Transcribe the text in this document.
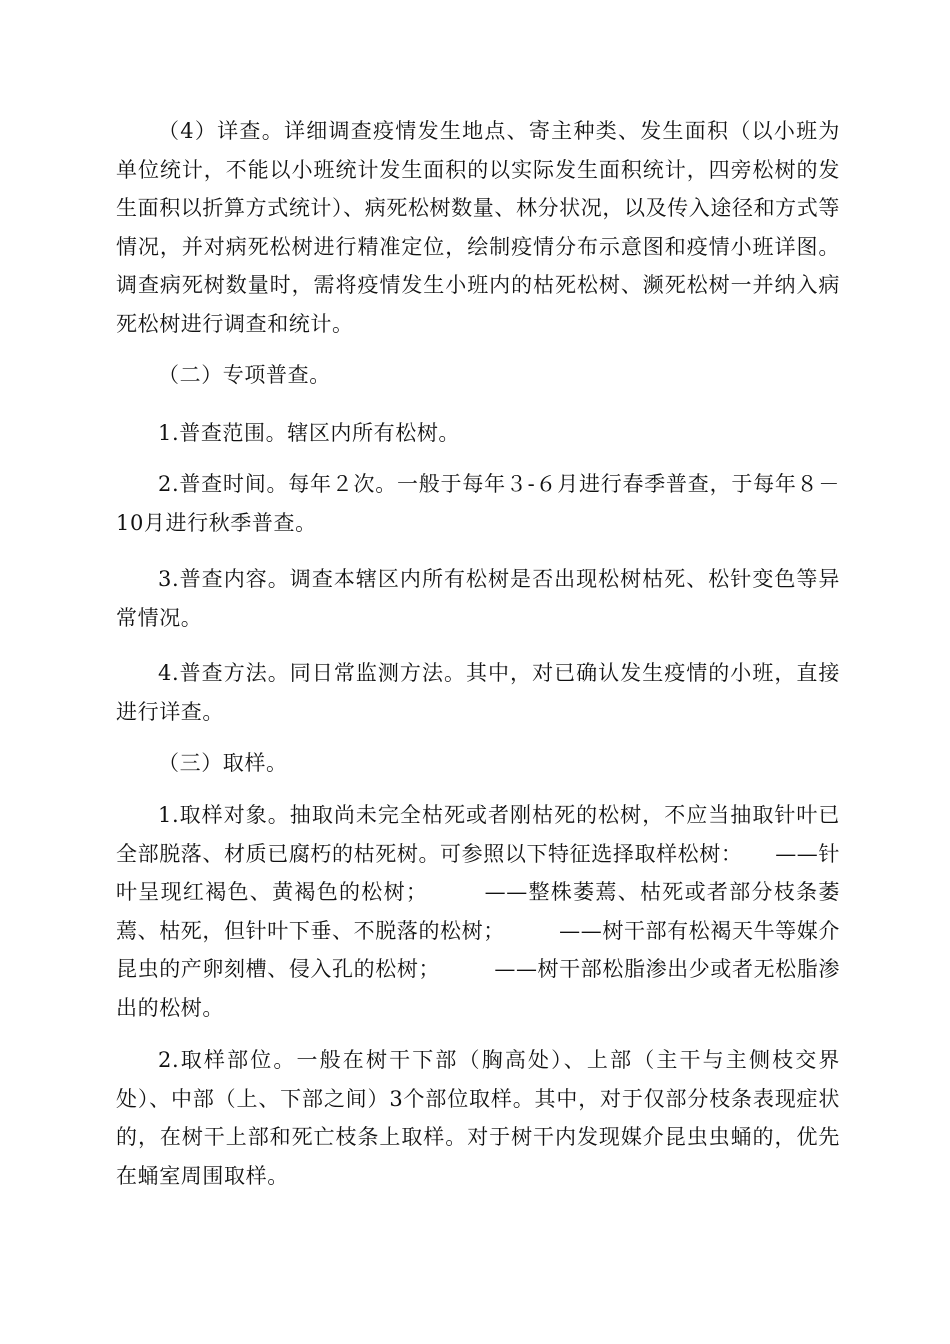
（4）详查。详细调查疫情发生地点、寄主种类、发生面积（以小班为单位统计，不能以小班统计发生面积的以实际发生面积统计，四旁松树的发生面积以折算方式统计）、病死松树数量、林分状况，以及传入途径和方式等情况，并对病死松树进行精准定位，绘制疫情分布示意图和疫情小班详图。调查病死树数量时，需将疫情发生小班内的枯死松树、濒死松树一并纳入病死松树进行调查和统计。

（二）专项普查。

1.普查范围。辖区内所有松树。

2.普查时间。每年２次。一般于每年３-６月进行春季普查，于每年８－10月进行秋季普查。

3.普查内容。调查本辖区内所有松树是否出现松树枯死、松针变色等异常情况。

4.普查方法。同日常监测方法。其中，对已确认发生疫情的小班，直接进行详查。

（三）取样。

1.取样对象。抽取尚未完全枯死或者刚枯死的松树，不应当抽取针叶已全部脱落、材质已腐朽的枯死树。可参照以下特征选择取样松树：　　——针叶呈现红褐色、黄褐色的松树；　　　——整株萎蔫、枯死或者部分枝条萎蔫、枯死，但针叶下垂、不脱落的松树；　　　——树干部有松褐天牛等媒介昆虫的产卵刻槽、侵入孔的松树；　　　——树干部松脂渗出少或者无松脂渗出的松树。

2.取样部位。一般在树干下部（胸高处）、上部（主干与主侧枝交界处）、中部（上、下部之间）3个部位取样。其中，对于仅部分枝条表现症状的，在树干上部和死亡枝条上取样。对于树干内发现媒介昆虫虫蛹的，优先在蛹室周围取样。
